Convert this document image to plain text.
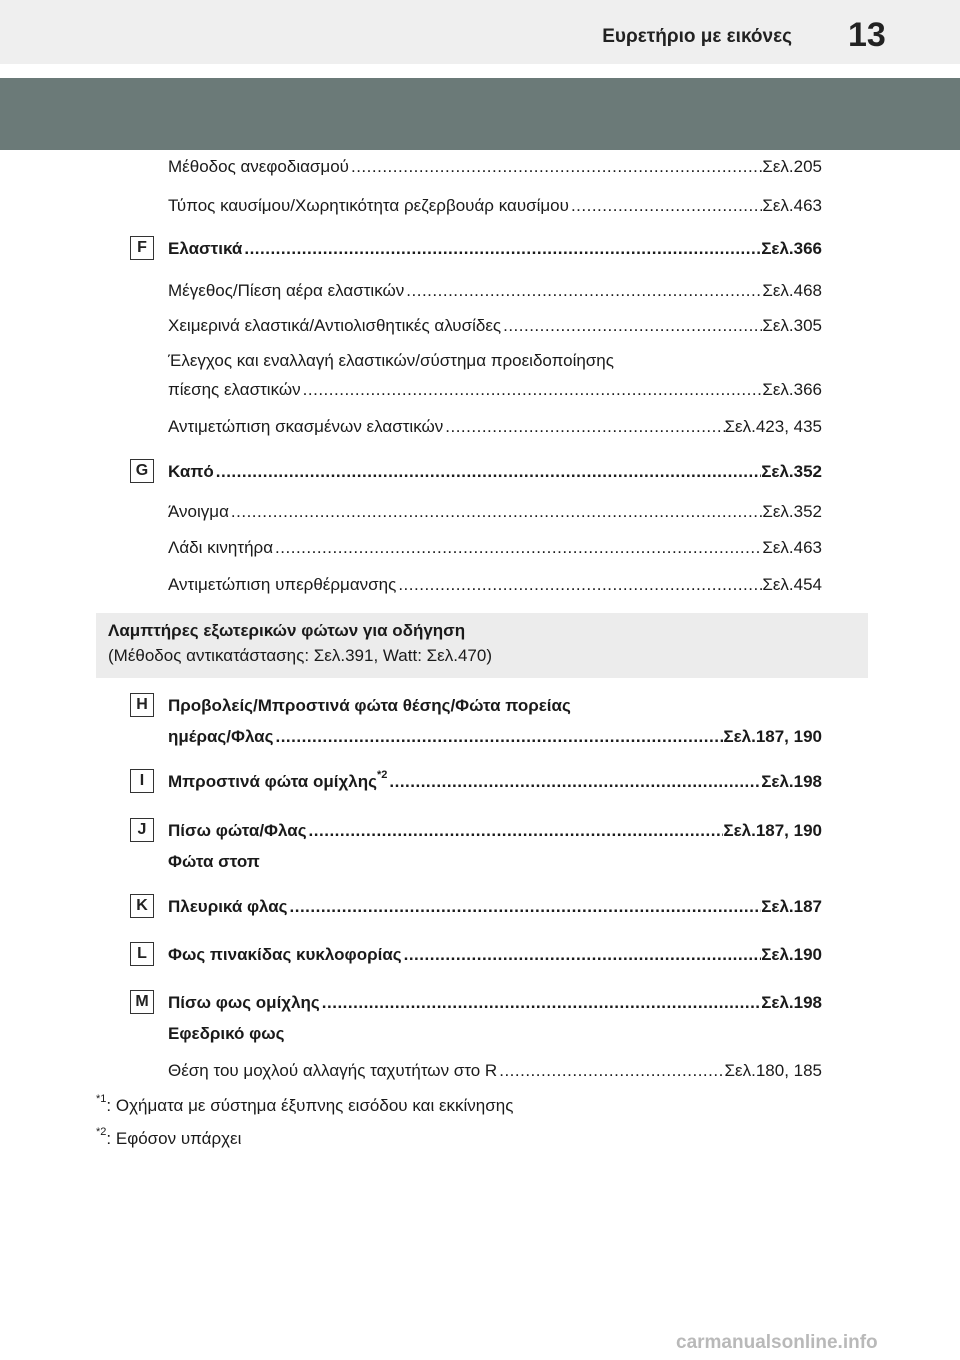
Ευρετήριο με εικόνες 13
Μέθοδος ανεφοδιασμού .....	Σελ.205
Τύπος καυσίμου/Χωρητικότητα ρεζερβουάρ καυσίμου .....	Σελ.463
F	Ελαστικά .....	Σελ.366
Μέγεθος/Πίεση αέρα ελαστικών .....	Σελ.468
Χειμερινά ελαστικά/Αντιολισθητικές αλυσίδες .....	Σελ.305
Έλεγχος και εναλλαγή ελαστικών/σύστημα προειδοποίησης
πίεσης ελαστικών .....	Σελ.366
Αντιμετώπιση σκασμένων ελαστικών .....	Σελ.423, 435
G	Καπό .....	Σελ.352
Άνοιγμα .....	Σελ.352
Λάδι κινητήρα .....	Σελ.463
Αντιμετώπιση υπερθέρμανσης .....	Σελ.454
Λαμπτήρες εξωτερικών φώτων για οδήγηση
(Μέθοδος αντικατάστασης: Σελ.391, Watt: Σελ.470)
H	Προβολείς/Μπροστινά φώτα θέσης/Φώτα πορείας
ημέρας/Φλας .....	Σελ.187, 190
I	Μπροστινά φώτα ομίχλης$^{*2}$ .....	Σελ.198
J	Πίσω φώτα/Φλας .....	Σελ.187, 190
Φώτα στοπ
K	Πλευρικά φλας .....	Σελ.187
L	Φως πινακίδας κυκλοφορίας .....	Σελ.190
M	Πίσω φως ομίχλης .....	Σελ.198
Εφεδρικό φως
Θέση του μοχλού αλλαγής ταχυτήτων στο R .....	Σελ.180, 185
$^{*1}$: Οχήματα με σύστημα έξυπνης εισόδου και εκκίνησης
$^{*2}$: Εφόσον υπάρχει
carmanualsonline.info
